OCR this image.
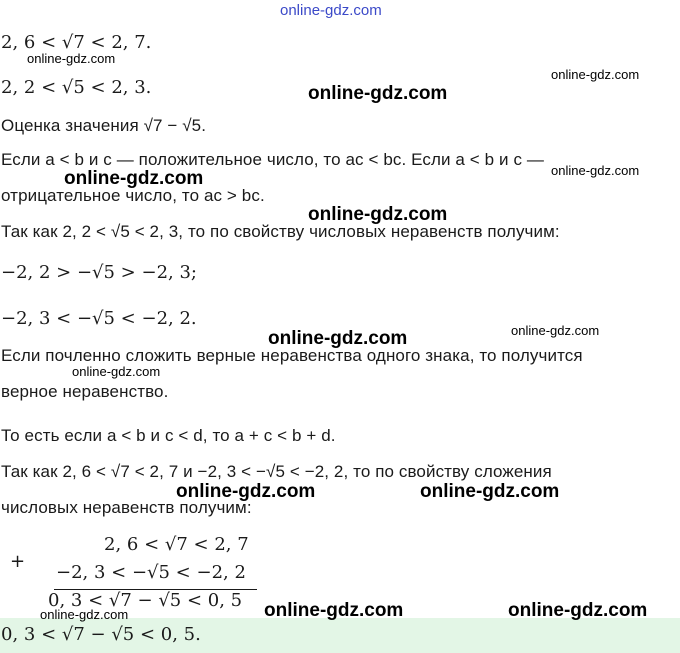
online-gdz.com
2, 6 < √7 < 2, 7.
2, 2 < √5 < 2, 3.
Оценка значения √7 − √5.
Если a < b и c — положительное число, то ac < bc. Если a < b и c —
отрицательное число, то ac > bc.
Так как 2, 2 < √5 < 2, 3, то по свойству числовых неравенств получим:
−2, 2 > −√5 > −2, 3;
−2, 3 < −√5 < −2, 2.
Если почленно сложить верные неравенства одного знака, то получится
верное неравенство.
То есть если a < b и c < d, то a + c < b + d.
Так как 2, 6 < √7 < 2, 7 и −2, 3 < −√5 < −2, 2, то по свойству сложения
числовых неравенств получим:
+
2, 6 < √7 < 2, 7
−2, 3 < −√5 < −2, 2
0, 3 < √7 − √5 < 0, 5
0, 3 < √7 − √5 < 0, 5.
online-gdz.com
online-gdz.com
online-gdz.com
online-gdz.com	online-gdz.com
online-gdz.com
online-gdz.com	online-gdz.com
online-gdz.com
online-gdz.com	online-gdz.com
online-gdz.com	online-gdz.com
online-gdz.com
